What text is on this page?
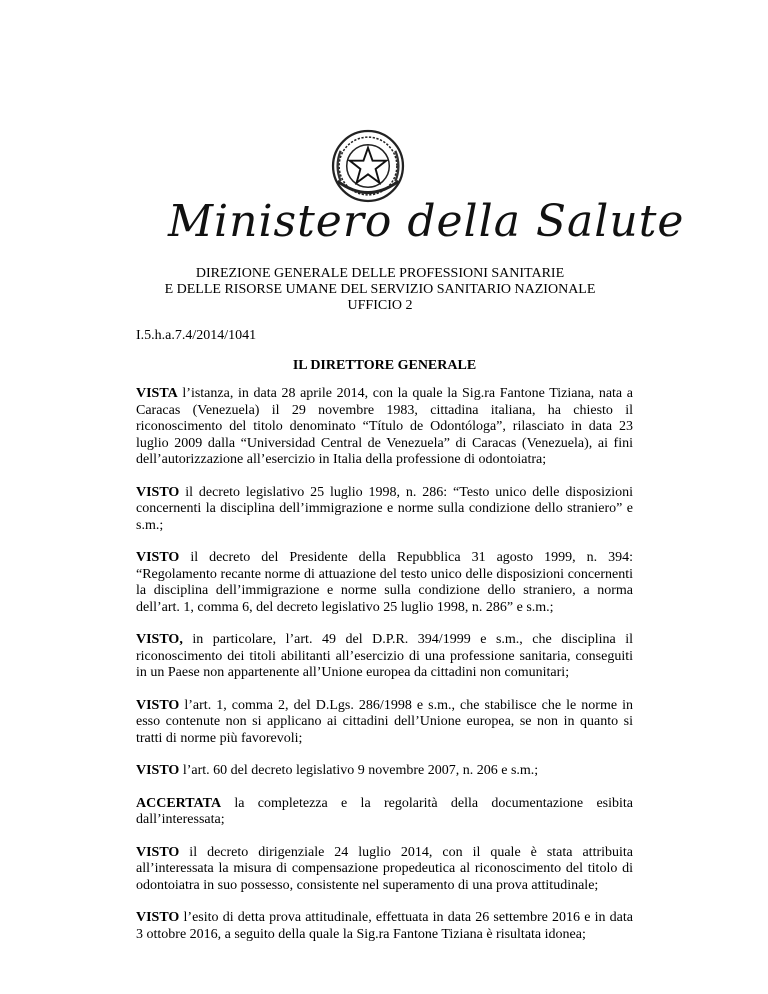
Ministero della Salute
DIREZIONE GENERALE DELLE PROFESSIONI SANITARIE
E DELLE RISORSE UMANE DEL SERVIZIO SANITARIO NAZIONALE
UFFICIO 2
I.5.h.a.7.4/2014/1041
IL DIRETTORE GENERALE

VISTA l’istanza, in data 28 aprile 2014, con la quale la Sig.ra Fantone Tiziana, nata a Caracas (Venezuela) il 29 novembre 1983, cittadina italiana, ha chiesto il riconoscimento del titolo denominato “Título de Odontóloga”, rilasciato in data 23 luglio 2009 dalla “Universidad Central de Venezuela” di Caracas (Venezuela), ai fini dell’autorizzazione all’esercizio in Italia della professione di odontoiatra;

VISTO il decreto legislativo 25 luglio 1998, n. 286: “Testo unico delle disposizioni concernenti la disciplina dell’immigrazione e norme sulla condizione dello straniero” e s.m.;

VISTO il decreto del Presidente della Repubblica 31 agosto 1999, n. 394: “Regolamento recante norme di attuazione del testo unico delle disposizioni concernenti la disciplina dell’immigrazione e norme sulla condizione dello straniero, a norma dell’art. 1, comma 6, del decreto legislativo 25 luglio 1998, n. 286” e s.m.;

VISTO, in particolare, l’art. 49 del D.P.R. 394/1999 e s.m., che disciplina il riconoscimento dei titoli abilitanti all’esercizio di una professione sanitaria, conseguiti in un Paese non appartenente all’Unione europea da cittadini non comunitari;

VISTO l’art. 1, comma 2, del D.Lgs. 286/1998 e s.m., che stabilisce che le norme in esso contenute non si applicano ai cittadini dell’Unione europea, se non in quanto si tratti di norme più favorevoli;

VISTO l’art. 60 del decreto legislativo 9 novembre 2007, n. 206 e s.m.;

ACCERTATA la completezza e la regolarità della documentazione esibita dall’interessata;

VISTO il decreto dirigenziale 24 luglio 2014, con il quale è stata attribuita all’interessata la misura di compensazione propedeutica al riconoscimento del titolo di odontoiatra in suo possesso, consistente nel superamento di una prova attitudinale;

VISTO l’esito di detta prova attitudinale, effettuata in data 26 settembre 2016 e in data 3 ottobre 2016, a seguito della quale la Sig.ra Fantone Tiziana è risultata idonea;
